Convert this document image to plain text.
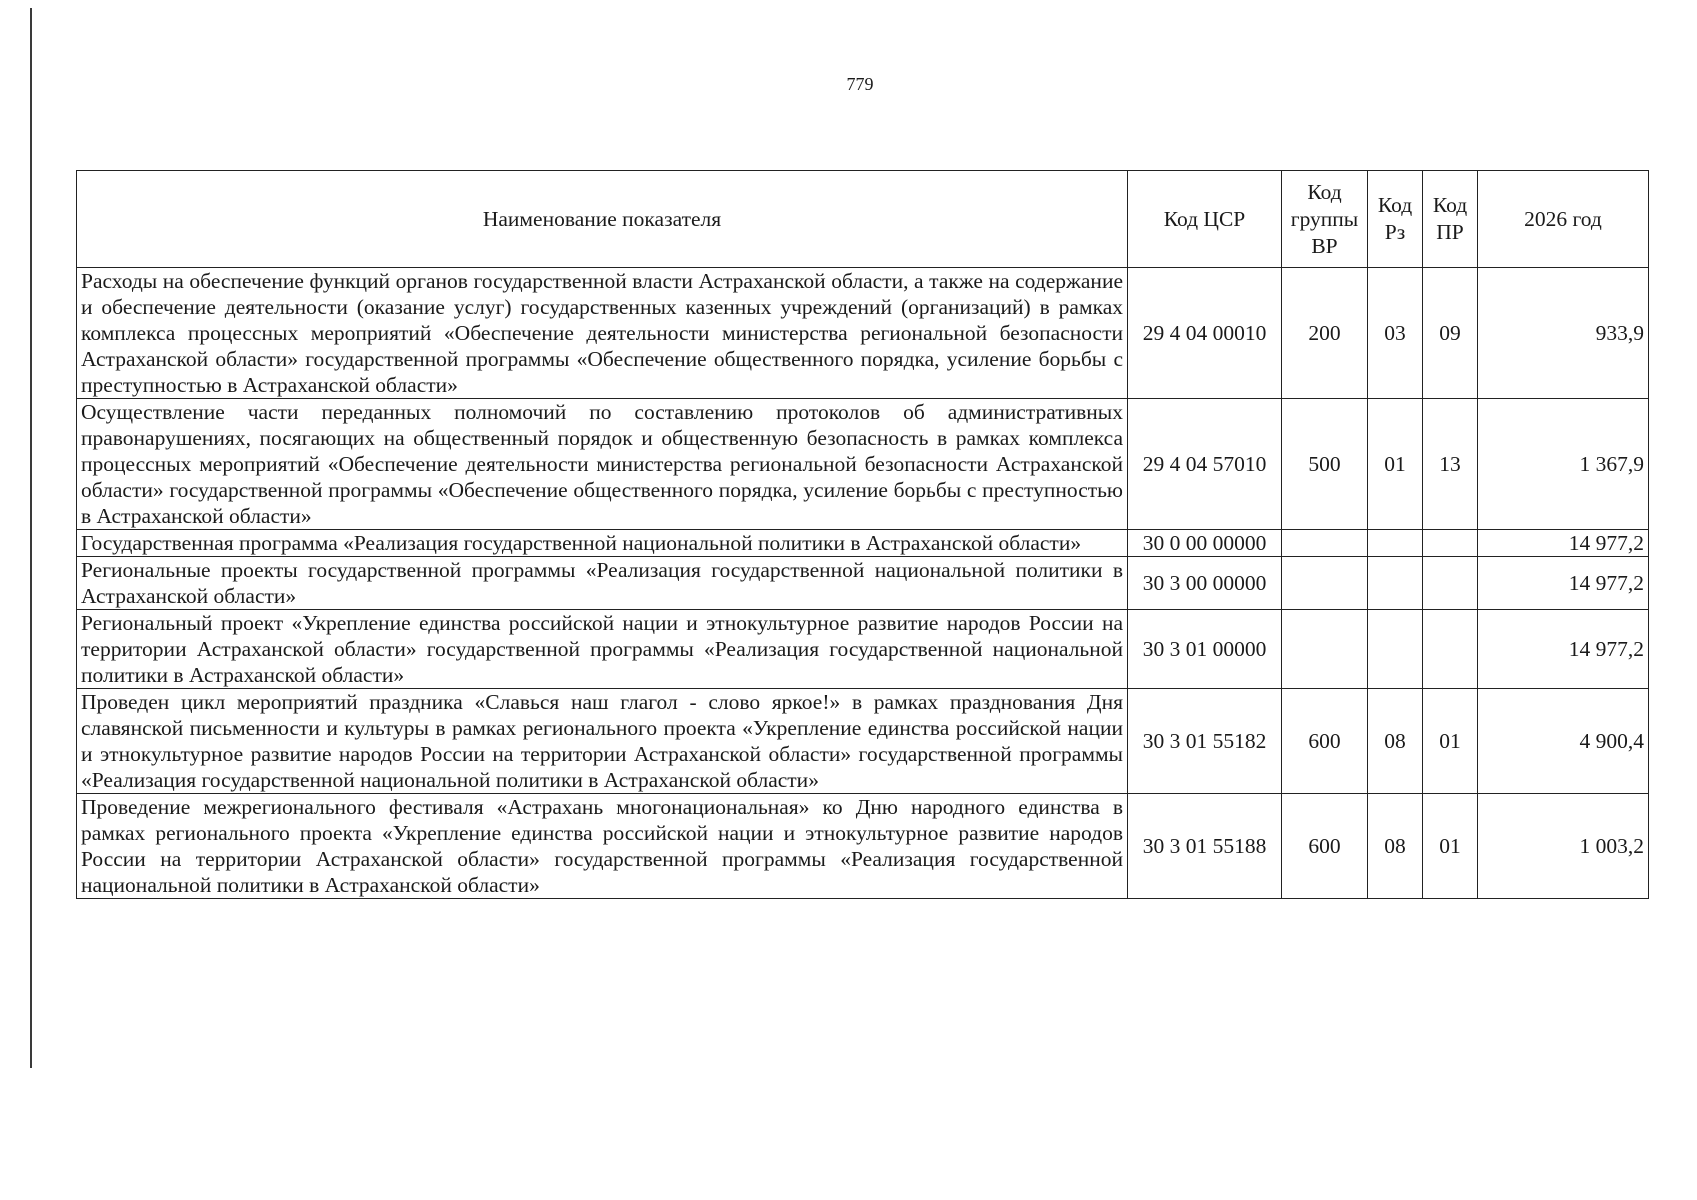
779
Наименование показателя	Код ЦСР	Код группы ВР	Код Рз	Код ПР	2026 год
Расходы на обеспечение функций органов государственной власти Астраханской области, а также на содержание и обеспечение деятельности (оказание услуг) государственных казенных учреждений (организаций) в рамках комплекса процессных мероприятий «Обеспечение деятельности министерства региональной безопасности Астраханской области» государственной программы «Обеспечение общественного порядка, усиление борьбы с преступностью в Астраханской области»	29 4 04 00010	200	03	09	933,9
Осуществление части переданных полномочий по составлению протоколов об административных правонарушениях, посягающих на общественный порядок и общественную безопасность в рамках комплекса процессных мероприятий «Обеспечение деятельности министерства региональной безопасности Астраханской области» государственной программы «Обеспечение общественного порядка, усиление борьбы с преступностью в Астраханской области»	29 4 04 57010	500	01	13	1 367,9
Государственная программа «Реализация государственной национальной политики в Астраханской области»	30 0 00 00000				14 977,2
Региональные проекты государственной программы «Реализация государственной национальной политики в Астраханской области»	30 3 00 00000				14 977,2
Региональный проект «Укрепление единства российской нации и этнокультурное развитие народов России на территории Астраханской области» государственной программы «Реализация государственной национальной политики в Астраханской области»	30 3 01 00000				14 977,2
Проведен цикл мероприятий праздника «Славься наш глагол - слово яркое!» в рамках празднования Дня славянской письменности и культуры в рамках регионального проекта «Укрепление единства российской нации и этнокультурное развитие народов России на территории Астраханской области» государственной программы «Реализация государственной национальной политики в Астраханской области»	30 3 01 55182	600	08	01	4 900,4
Проведение межрегионального фестиваля «Астрахань многонациональная» ко Дню народного единства в рамках регионального проекта «Укрепление единства российской нации и этнокультурное развитие народов России на территории Астраханской области» государственной программы «Реализация государственной национальной политики в Астраханской области»	30 3 01 55188	600	08	01	1 003,2
